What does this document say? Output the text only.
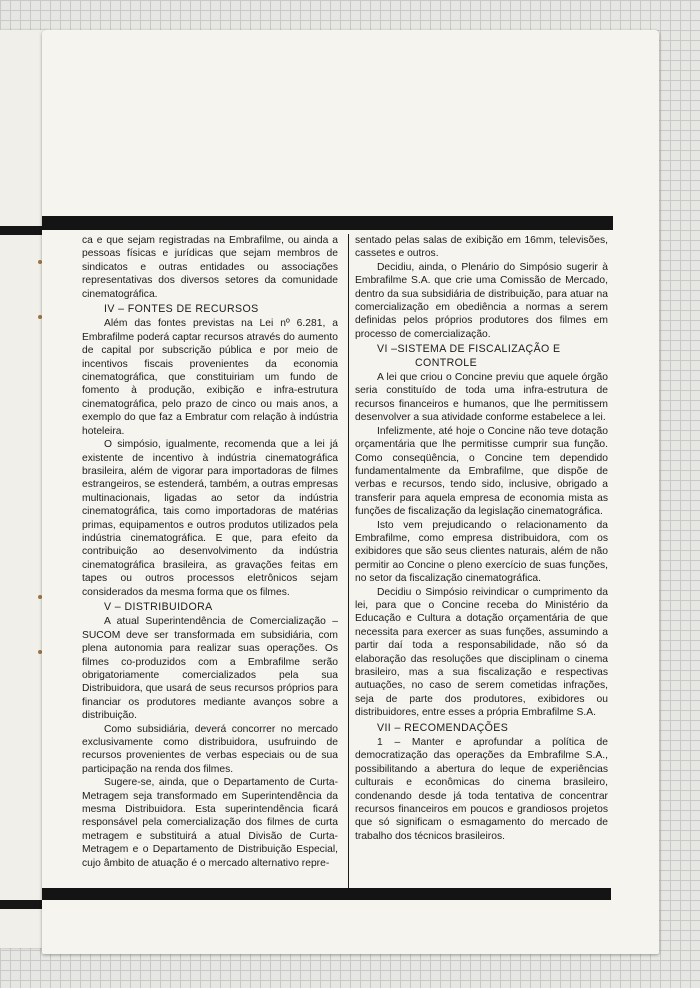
ca e que sejam registradas na Embrafilme, ou ainda a pessoas físicas e jurídicas que sejam membros de sindicatos e outras entidades ou associações representativas dos diversos setores da comunidade cinematográfica.

IV – FONTES DE RECURSOS

Além das fontes previstas na Lei nº 6.281, a Embrafilme poderá captar recursos através do aumento de capital por subscrição pública e por meio de incentivos fiscais provenientes da economia cinematográfica, que constituiriam um fundo de fomento à produção, exibição e infra-estrutura cinematográfica, pelo prazo de cinco ou mais anos, a exemplo do que faz a Embratur com relação à indústria hoteleira.

O simpósio, igualmente, recomenda que a lei já existente de incentivo à indústria cinematográfica brasileira, além de vigorar para importadoras de filmes estrangeiros, se estenderá, também, a outras empresas multinacionais, ligadas ao setor da indústria cinematográfica, tais como importadoras de matérias primas, equipamentos e outros produtos utilizados pela indústria cinematográfica. E que, para efeito da contribuição ao desenvolvimento da indústria cinematográfica brasileira, as gravações feitas em tapes ou outros processos eletrônicos sejam considerados da mesma forma que os filmes.

V – DISTRIBUIDORA

A atual Superintendência de Comercialização – SUCOM deve ser transformada em subsidiária, com plena autonomia para realizar suas operações. Os filmes co-produzidos com a Embrafilme serão obrigatoriamente comercializados pela sua Distribuidora, que usará de seus recursos próprios para financiar os produtores mediante avanços sobre a distribuição.

Como subsidiária, deverá concorrer no mercado exclusivamente como distribuidora, usufruindo de recursos provenientes de verbas especiais ou de sua participação na renda dos filmes.

Sugere-se, ainda, que o Departamento de Curta-Metragem seja transformado em Superintendência da mesma Distribuidora. Esta superintendência ficará responsável pela comercialização dos filmes de curta metragem e substituirá a atual Divisão de Curta-Metragem e o Departamento de Distribuição Especial, cujo âmbito de atuação é o mercado alternativo repre-

sentado pelas salas de exibição em 16mm, televisões, cassetes e outros.

Decidiu, ainda, o Plenário do Simpósio sugerir à Embrafilme S.A. que crie uma Comissão de Mercado, dentro da sua subsidiária de distribuição, para atuar na comercialização em obediência a normas a serem definidas pelos próprios produtores dos filmes em processo de comercialização.

VI –SISTEMA DE FISCALIZAÇÃO E CONTROLE

A lei que criou o Concine previu que aquele órgão seria constituído de toda uma infra-estrutura de recursos financeiros e humanos, que lhe permitissem desenvolver a sua atividade conforme estabelece a lei.

Infelizmente, até hoje o Concine não teve dotação orçamentária que lhe permitisse cumprir sua função. Como conseqüência, o Concine tem dependido fundamentalmente da Embrafilme, que dispõe de verbas e recursos, tendo sido, inclusive, obrigado a transferir para aquela empresa de economia mista as funções de fiscalização da legislação cinematográfica.

Isto vem prejudicando o relacionamento da Embrafilme, como empresa distribuidora, com os exibidores que são seus clientes naturais, além de não permitir ao Concine o pleno exercício de suas funções, no setor da fiscalização cinematográfica.

Decidiu o Simpósio reivindicar o cumprimento da lei, para que o Concine receba do Ministério da Educação e Cultura a dotação orçamentária de que necessita para exercer as suas funções, assumindo a partir daí toda a responsabilidade, não só da elaboração das resoluções que disciplinam o cinema brasileiro, mas a sua fiscalização e respectivas autuações, no caso de serem cometidas infrações, seja de parte dos produtores, exibidores ou distribuidores, entre esses a própria Embrafilme S.A.

VII – RECOMENDAÇÕES

1 – Manter e aprofundar a política de democratização das operações da Embrafilme S.A., possibilitando a abertura do leque de experiências culturais e econômicas do cinema brasileiro, condenando desde já toda tentativa de concentrar recursos financeiros em poucos e grandiosos projetos que só significam o esmagamento do mercado de trabalho dos técnicos brasileiros.
